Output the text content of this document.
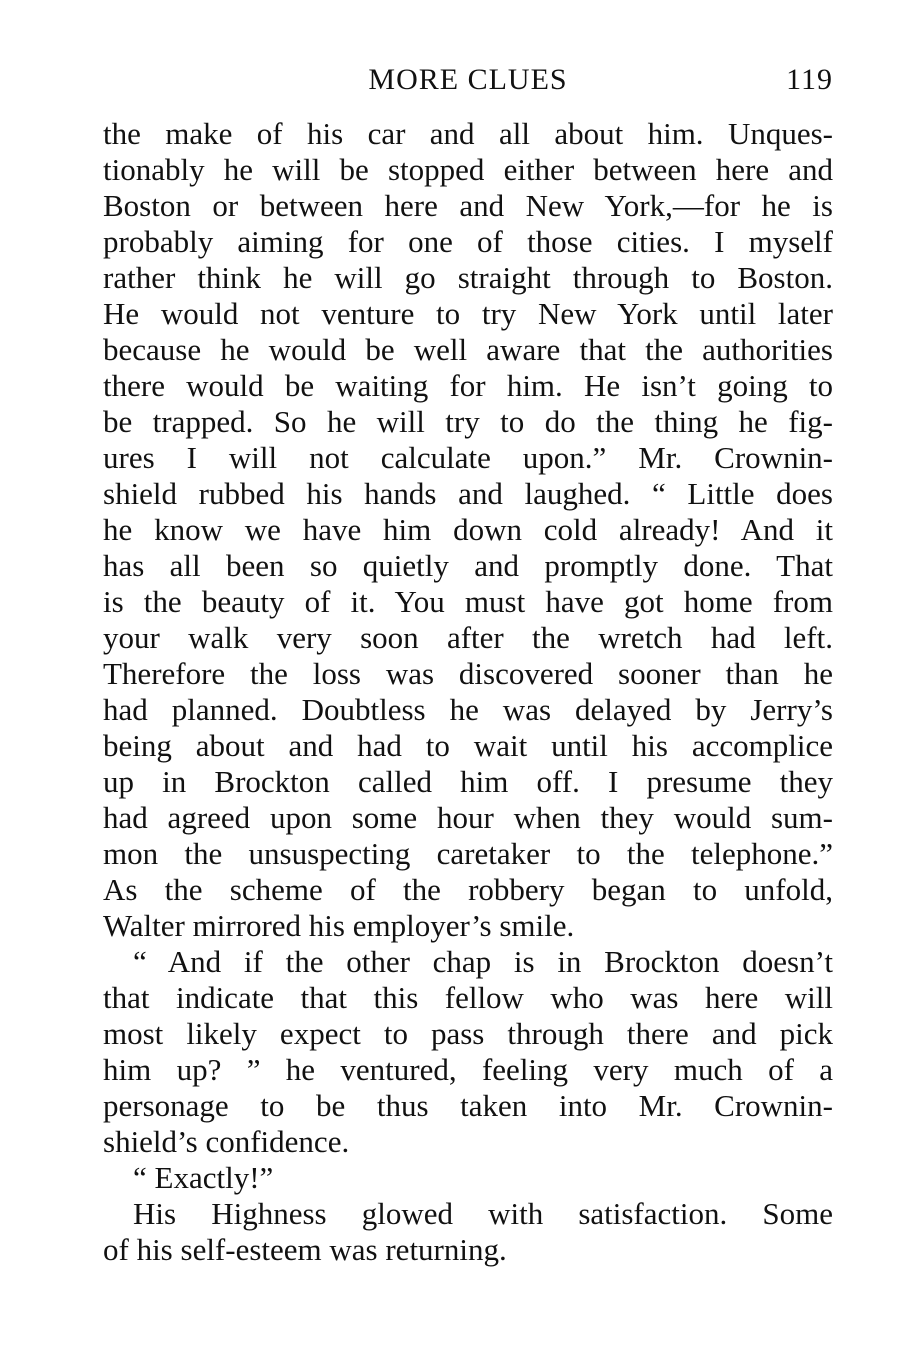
MORE CLUES	119
the make of his car and all about him. Unques-
tionably he will be stopped either between here and
Boston or between here and New York,—for he is
probably aiming for one of those cities. I myself
rather think he will go straight through to Boston.
He would not venture to try New York until later
because he would be well aware that the authorities
there would be waiting for him. He isn’t going to
be trapped. So he will try to do the thing he fig-
ures I will not calculate upon.” Mr. Crownin-
shield rubbed his hands and laughed. “ Little does
he know we have him down cold already! And it
has all been so quietly and promptly done. That
is the beauty of it. You must have got home from
your walk very soon after the wretch had left.
Therefore the loss was discovered sooner than he
had planned. Doubtless he was delayed by Jerry’s
being about and had to wait until his accomplice
up in Brockton called him off. I presume they
had agreed upon some hour when they would sum-
mon the unsuspecting caretaker to the telephone.”
As the scheme of the robbery began to unfold,
Walter mirrored his employer’s smile.
“ And if the other chap is in Brockton doesn’t
that indicate that this fellow who was here will
most likely expect to pass through there and pick
him up? ” he ventured, feeling very much of a
personage to be thus taken into Mr. Crownin-
shield’s confidence.
“ Exactly!”
His Highness glowed with satisfaction. Some
of his self-esteem was returning.
